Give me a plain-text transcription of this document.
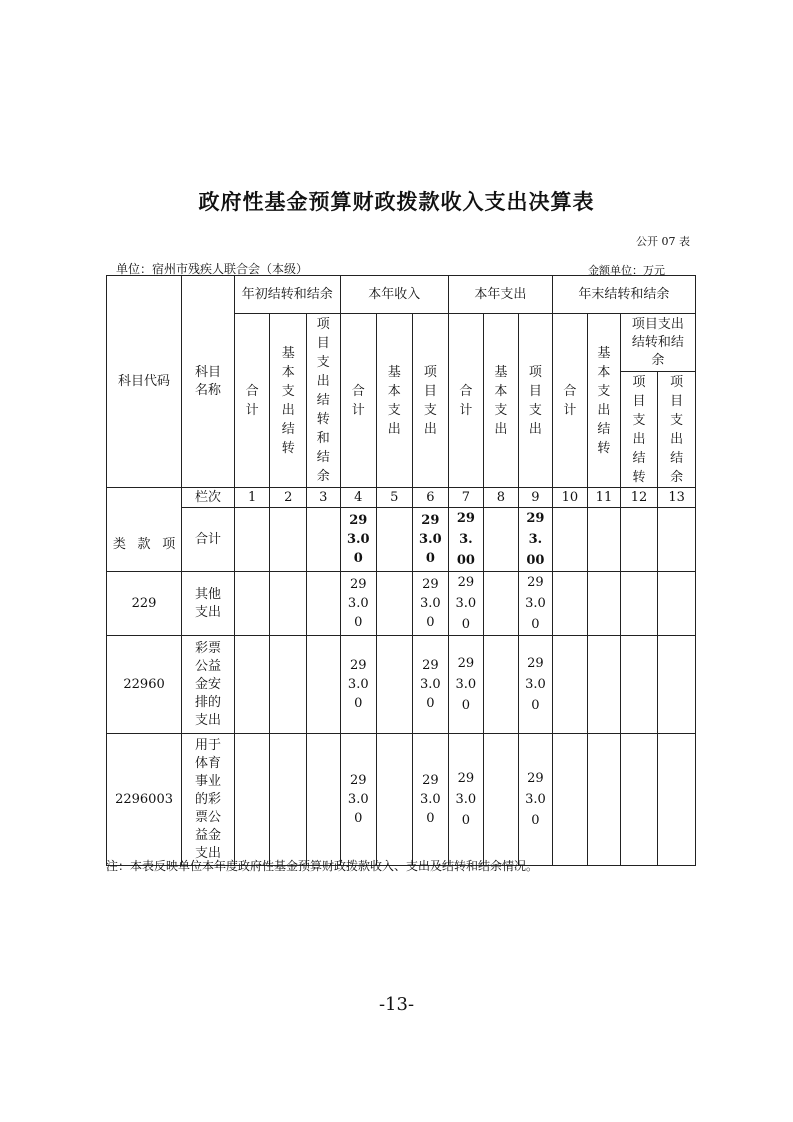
政府性基金预算财政拨款收入支出决算表
公开 07 表
单位：宿州市残疾人联合会（本级）	金额单位：万元
科目代码	科目名称	年初结转和结余			本年收入			本年支出			年末结转和结余			

		合计	基本支出结转	项目支出结转和结余	合计	基本支出	项目支出	合计	基本支出	项目支出	合计	基本支出结转	项目支出结转和结余	

													项目支出结转	项目支出结余

类 款 项	栏次	1	2	3	4	5	6	7	8	9	10	11	12	13
	合计				293.00		293.00	293.00		293.00				

229	其他支出				293.00		293.00	293.00		293.00				

22960	彩票公益金安排的支出				293.00		293.00	293.00		293.00				

2296003	用于体育事业的彩票公益金支出				293.00		293.00	293.00		293.00				

注：本表反映单位本年度政府性基金预算财政拨款收入、支出及结转和结余情况。
-13-
